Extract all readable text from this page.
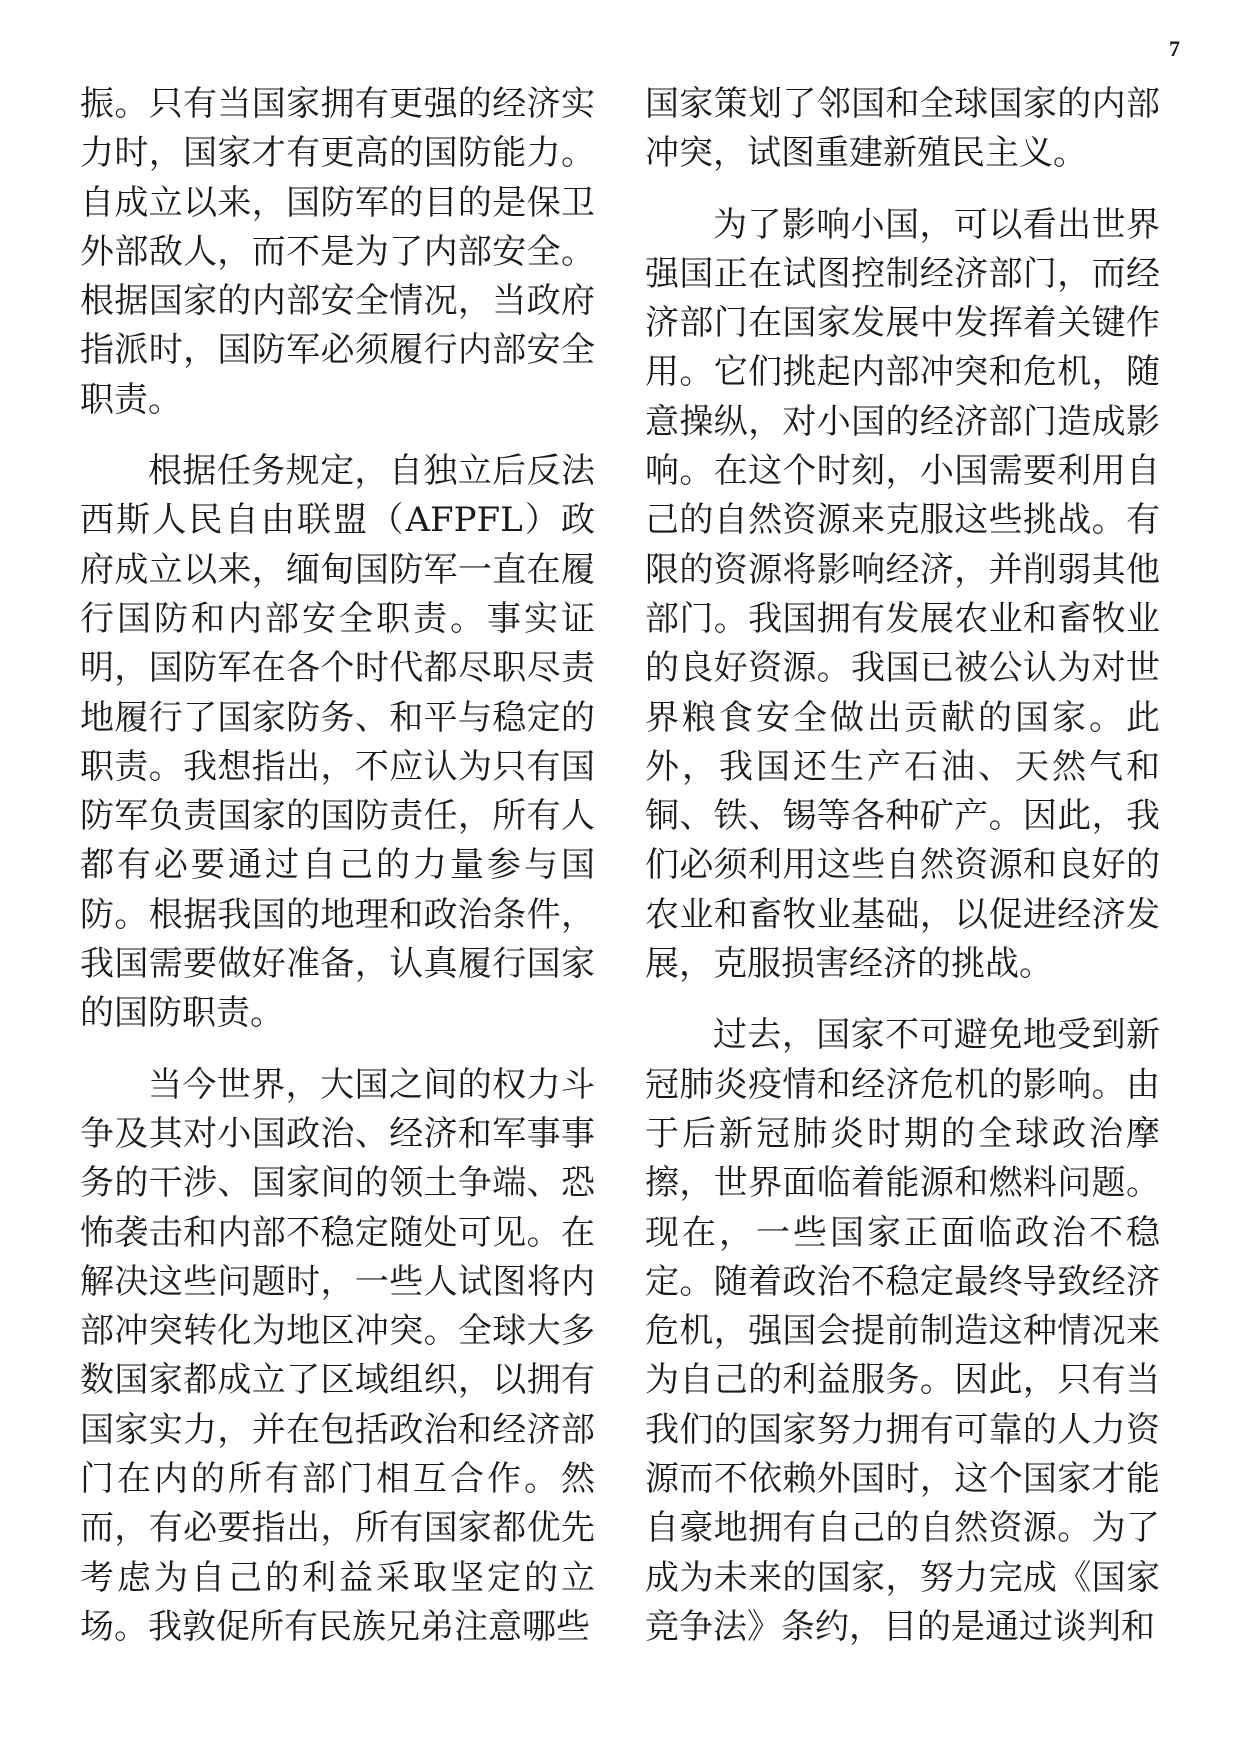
7

振。只有当国家拥有更强的经济实力时，国家才有更高的国防能力。自成立以来，国防军的目的是保卫外部敌人，而不是为了内部安全。根据国家的内部安全情况，当政府指派时，国防军必须履行内部安全职责。

根据任务规定，自独立后反法西斯人民自由联盟（AFPFL）政府成立以来，缅甸国防军一直在履行国防和内部安全职责。事实证明，国防军在各个时代都尽职尽责地履行了国家防务、和平与稳定的职责。我想指出，不应认为只有国防军负责国家的国防责任，所有人都有必要通过自己的力量参与国防。根据我国的地理和政治条件，我国需要做好准备，认真履行国家的国防职责。

当今世界，大国之间的权力斗争及其对小国政治、经济和军事事务的干涉、国家间的领土争端、恐怖袭击和内部不稳定随处可见。在解决这些问题时，一些人试图将内部冲突转化为地区冲突。全球大多数国家都成立了区域组织，以拥有国家实力，并在包括政治和经济部门在内的所有部门相互合作。然而，有必要指出，所有国家都优先考虑为自己的利益采取坚定的立场。我敦促所有民族兄弟注意哪些

国家策划了邻国和全球国家的内部冲突，试图重建新殖民主义。

为了影响小国，可以看出世界强国正在试图控制经济部门，而经济部门在国家发展中发挥着关键作用。它们挑起内部冲突和危机，随意操纵，对小国的经济部门造成影响。在这个时刻，小国需要利用自己的自然资源来克服这些挑战。有限的资源将影响经济，并削弱其他部门。我国拥有发展农业和畜牧业的良好资源。我国已被公认为对世界粮食安全做出贡献的国家。此外，我国还生产石油、天然气和铜、铁、锡等各种矿产。因此，我们必须利用这些自然资源和良好的农业和畜牧业基础，以促进经济发展，克服损害经济的挑战。

过去，国家不可避免地受到新冠肺炎疫情和经济危机的影响。由于后新冠肺炎时期的全球政治摩擦，世界面临着能源和燃料问题。现在，一些国家正面临政治不稳定。随着政治不稳定最终导致经济危机，强国会提前制造这种情况来为自己的利益服务。因此，只有当我们的国家努力拥有可靠的人力资源而不依赖外国时，这个国家才能自豪地拥有自己的自然资源。为了成为未来的国家，努力完成《国家竞争法》条约，目的是通过谈判和
